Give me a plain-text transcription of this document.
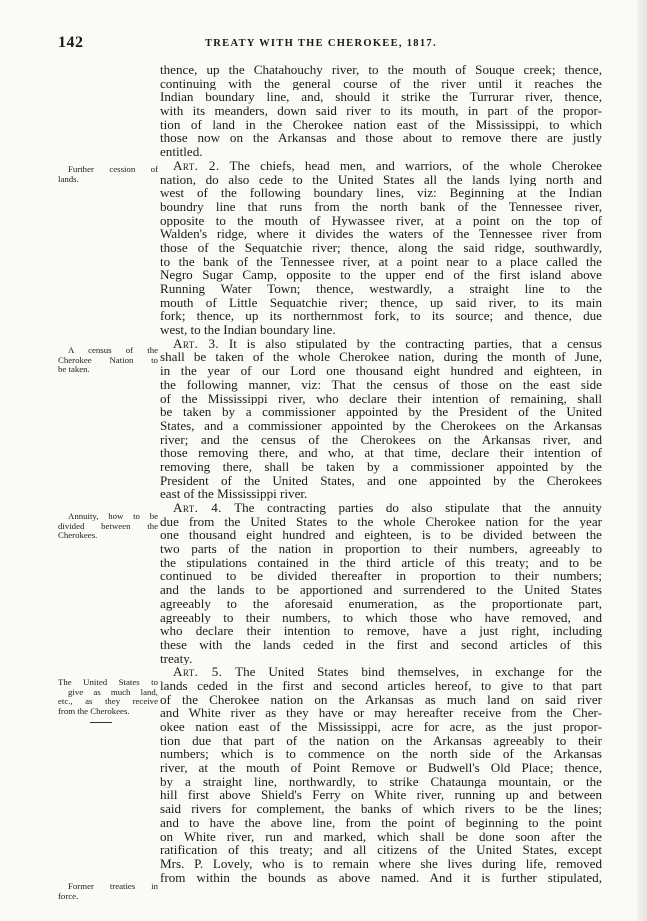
142	TREATY WITH THE CHEROKEE, 1817.
Further cession of
lands.
A census of the
Cherokee Nation to
be taken.
Annuity, how to be
divided between the
Cherokees.
The United States to
give as much land,
etc., as they receive
from the Cherokees.
Former treaties in
force.
thence, up the Chatahouchy river, to the mouth of Souque creek; thence,
continuing with the general course of the river until it reaches the
Indian boundary line, and, should it strike the Turrurar river, thence,
with its meanders, down said river to its mouth, in part of the propor-
tion of land in the Cherokee nation east of the Mississippi, to which
those now on the Arkansas and those about to remove there are justly
entitled.
Art. 2. The chiefs, head men, and warriors, of the whole Cherokee
nation, do also cede to the United States all the lands lying north and
west of the following boundary lines, viz: Beginning at the Indian
boundry line that runs from the north bank of the Tennessee river,
opposite to the mouth of Hywassee river, at a point on the top of
Walden's ridge, where it divides the waters of the Tennessee river from
those of the Sequatchie river; thence, along the said ridge, southwardly,
to the bank of the Tennessee river, at a point near to a place called the
Negro Sugar Camp, opposite to the upper end of the first island above
Running Water Town; thence, westwardly, a straight line to the
mouth of Little Sequatchie river; thence, up said river, to its main
fork; thence, up its northernmost fork, to its source; and thence, due
west, to the Indian boundary line.
Art. 3. It is also stipulated by the contracting parties, that a census
shall be taken of the whole Cherokee nation, during the month of June,
in the year of our Lord one thousand eight hundred and eighteen, in
the following manner, viz: That the census of those on the east side
of the Mississippi river, who declare their intention of remaining, shall
be taken by a commissioner appointed by the President of the United
States, and a commissioner appointed by the Cherokees on the Arkansas
river; and the census of the Cherokees on the Arkansas river, and
those removing there, and who, at that time, declare their intention of
removing there, shall be taken by a commissioner appointed by the
President of the United States, and one appointed by the Cherokees
east of the Mississippi river.
Art. 4. The contracting parties do also stipulate that the annuity
due from the United States to the whole Cherokee nation for the year
one thousand eight hundred and eighteen, is to be divided between the
two parts of the nation in proportion to their numbers, agreeably to
the stipulations contained in the third article of this treaty; and to be
continued to be divided thereafter in proportion to their numbers;
and the lands to be apportioned and surrendered to the United States
agreeably to the aforesaid enumeration, as the proportionate part,
agreeably to their numbers, to which those who have removed, and
who declare their intention to remove, have a just right, including
these with the lands ceded in the first and second articles of this
treaty.
Art. 5. The United States bind themselves, in exchange for the
lands ceded in the first and second articles hereof, to give to that part
of the Cherokee nation on the Arkansas as much land on said river
and White river as they have or may hereafter receive from the Cher-
okee nation east of the Mississippi, acre for acre, as the just propor-
tion due that part of the nation on the Arkansas agreeably to their
numbers; which is to commence on the north side of the Arkansas
river, at the mouth of Point Remove or Budwell's Old Place; thence,
by a straight line, northwardly, to strike Chataunga mountain, or the
hill first above Shield's Ferry on White river, running up and between
said rivers for complement, the banks of which rivers to be the lines;
and to have the above line, from the point of beginning to the point
on White river, run and marked, which shall be done soon after the
ratification of this treaty; and all citizens of the United States, except
Mrs. P. Lovely, who is to remain where she lives during life, removed
from within the bounds as above named. And it is further stipulated,
